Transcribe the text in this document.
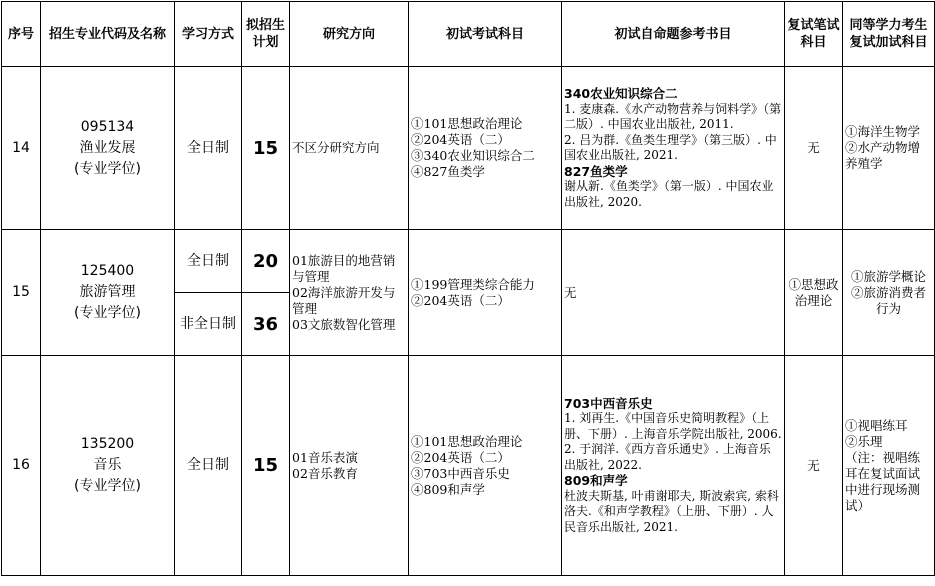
序号	招生专业代码及名称	学习方式	拟招生计划	研究方向	初试考试科目	初试自命题参考书目	复试笔试科目	同等学力考生复试加试科目
14	095134
渔业发展
(专业学位)	全日制	15	不区分研究方向	①101思想政治理论
②204英语（二）
③340农业知识综合二
④827鱼类学	340农业知识综合二
1. 麦康森.《水产动物营养与饲料学》（第二版）. 中国农业出版社, 2011.
2. 吕为群.《鱼类生理学》（第三版）. 中国农业出版社, 2021.
827鱼类学
谢从新.《鱼类学》（第一版）. 中国农业出版社, 2020.	无	①海洋生物学
②水产动物增养殖学

15	125400
旅游管理
(专业学位)	全日制	20	01旅游目的地营销与管理
02海洋旅游开发与管理
03文旅数智化管理	①199管理类综合能力
②204英语（二）	无	①思想政治理论	①旅游学概论
②旅游消费者行为

		非全日制	36					
16	135200
音乐
(专业学位)	全日制	15	01音乐表演
02音乐教育	①101思想政治理论
②204英语（二）
③703中西音乐史
④809和声学	703中西音乐史
1. 刘再生.《中国音乐史简明教程》（上册、下册）. 上海音乐学院出版社, 2006.
2. 于润洋.《西方音乐通史》. 上海音乐出版社, 2022.
809和声学
杜波夫斯基, 叶甫谢耶夫, 斯波索宾, 索科洛夫.《和声学教程》（上册、下册）. 人民音乐出版社, 2021.	无	①视唱练耳
②乐理
（注：视唱练耳在复试面试中进行现场测试）
